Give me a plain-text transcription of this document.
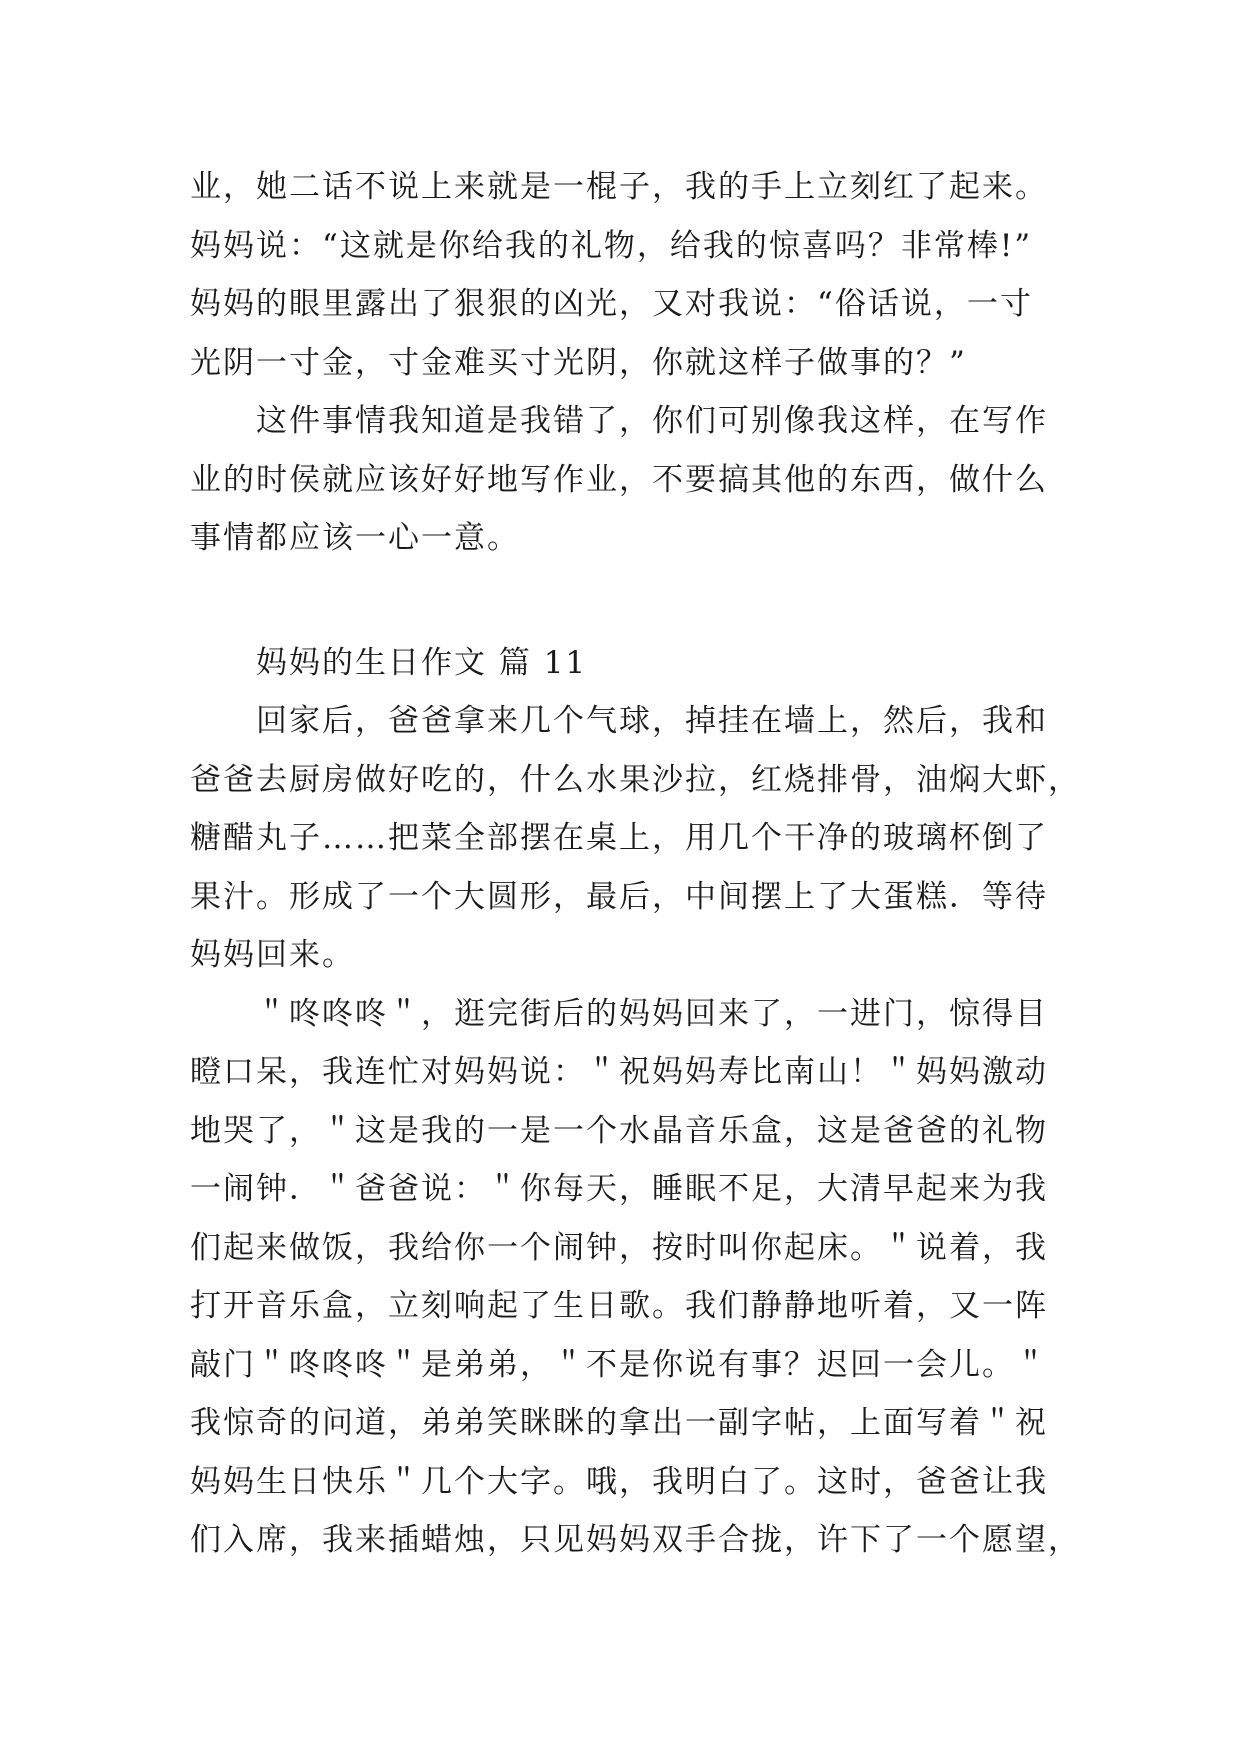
业，她二话不说上来就是一棍子，我的手上立刻红了起来。
妈妈说：“这就是你给我的礼物，给我的惊喜吗？非常棒!”
妈妈的眼里露出了狠狠的凶光，又对我说：“俗话说，一寸
光阴一寸金，寸金难买寸光阴，你就这样子做事的？”
这件事情我知道是我错了，你们可别像我这样，在写作
业的时侯就应该好好地写作业，不要搞其他的东西，做什么
事情都应该一心一意。
妈妈的生日作文 篇 11
回家后，爸爸拿来几个气球，掉挂在墙上，然后，我和
爸爸去厨房做好吃的，什么水果沙拉，红烧排骨，油焖大虾，
糖醋丸子……把菜全部摆在桌上，用几个干净的玻璃杯倒了
果汁。形成了一个大圆形，最后，中间摆上了大蛋糕．等待
妈妈回来。
＂咚咚咚＂，逛完街后的妈妈回来了，一进门，惊得目
瞪口呆，我连忙对妈妈说：＂祝妈妈寿比南山！＂妈妈激动
地哭了，＂这是我的一是一个水晶音乐盒，这是爸爸的礼物
一闹钟．＂爸爸说：＂你每天，睡眠不足，大清早起来为我
们起来做饭，我给你一个闹钟，按时叫你起床。＂说着，我
打开音乐盒，立刻响起了生日歌。我们静静地听着，又一阵
敲门＂咚咚咚＂是弟弟，＂不是你说有事？迟回一会儿。＂
我惊奇的问道，弟弟笑眯眯的拿出一副字帖，上面写着＂祝
妈妈生日快乐＂几个大字。哦，我明白了。这时，爸爸让我
们入席，我来插蜡烛，只见妈妈双手合拢，许下了一个愿望，
